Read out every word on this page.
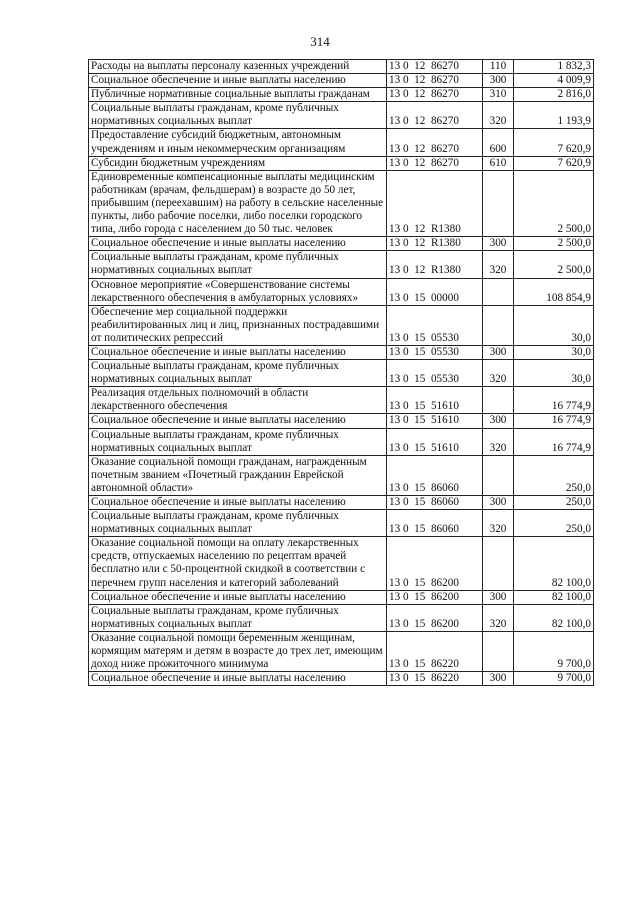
314
Расходы на выплаты персоналу казенных учреждений	13 0  12  86270	110	1 832,3
Социальное обеспечение и иные выплаты населению	13 0  12  86270	300	4 009,9
Публичные нормативные социальные выплаты гражданам	13 0  12  86270	310	2 816,0
Социальные выплаты гражданам, кроме публичных нормативных социальных выплат	13 0  12  86270	320	1 193,9
Предоставление субсидий бюджетным, автономным учреждениям и иным некоммерческим организациям	13 0  12  86270	600	7 620,9
Субсидии бюджетным учреждениям	13 0  12  86270	610	7 620,9
Единовременные компенсационные выплаты медицинским работникам (врачам, фельдшерам) в возрасте до 50 лет, прибывшим (переехавшим) на работу в сельские населенные пункты, либо рабочие поселки, либо поселки городского типа, либо города с населением до 50 тыс. человек	13 0  12  R1380		2 500,0
Социальное обеспечение и иные выплаты населению	13 0  12  R1380	300	2 500,0
Социальные выплаты гражданам, кроме публичных нормативных социальных выплат	13 0  12  R1380	320	2 500,0
Основное мероприятие «Совершенствование системы лекарственного обеспечения в амбулаторных условиях»	13 0  15  00000		108 854,9
Обеспечение мер социальной поддержки реабилитированных лиц и лиц, признанных пострадавшими от политических репрессий	13 0  15  05530		30,0
Социальное обеспечение и иные выплаты населению	13 0  15  05530	300	30,0
Социальные выплаты гражданам, кроме публичных нормативных социальных выплат	13 0  15  05530	320	30,0
Реализация отдельных полномочий в области лекарственного обеспечения	13 0  15  51610		16 774,9
Социальное обеспечение и иные выплаты населению	13 0  15  51610	300	16 774,9
Социальные выплаты гражданам, кроме публичных нормативных социальных выплат	13 0  15  51610	320	16 774,9
Оказание социальной помощи гражданам, награжденным почетным званием «Почетный гражданин Еврейской автономной области»	13 0  15  86060		250,0
Социальное обеспечение и иные выплаты населению	13 0  15  86060	300	250,0
Социальные выплаты гражданам, кроме публичных нормативных социальных выплат	13 0  15  86060	320	250,0
Оказание социальной помощи на оплату лекарственных средств, отпускаемых населению по рецептам врачей бесплатно или с 50-процентной скидкой в соответствии с перечнем групп населения и категорий заболеваний	13 0  15  86200		82 100,0
Социальное обеспечение и иные выплаты населению	13 0  15  86200	300	82 100,0
Социальные выплаты гражданам, кроме публичных нормативных социальных выплат	13 0  15  86200	320	82 100,0
Оказание социальной помощи беременным женщинам, кормящим матерям и детям в возрасте до трех лет, имеющим доход ниже прожиточного минимума	13 0  15  86220		9 700,0
Социальное обеспечение и иные выплаты населению	13 0  15  86220	300	9 700,0
